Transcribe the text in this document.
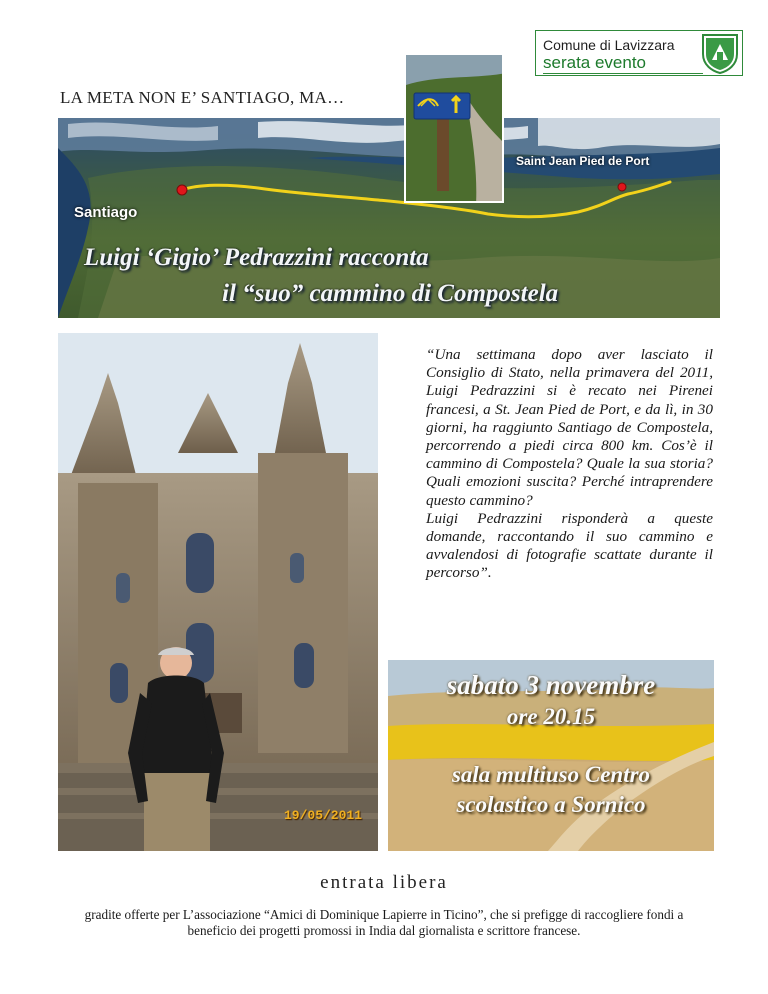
Comune di Lavizzara
serata evento
LA META NON E’ SANTIAGO, MA…
Santiago
Saint Jean Pied de Port
Luigi ‘Gigio’ Pedrazzini racconta
il “suo” cammino di Compostela
19/05/2011

“Una settimana dopo aver lasciato il Consiglio di Stato, nella primavera del 2011, Luigi Pedrazzini si è recato nei Pirenei francesi, a St. Jean Pied de Port, e da lì, in 30 giorni, ha raggiunto Santiago de Compostela, percorrendo a piedi circa 800 km. Cos’è il cammino di Compostela? Quale la sua storia? Quali emozioni suscita? Perché intraprendere questo cammino?

Luigi Pedrazzini risponderà a queste domande, raccontando il suo cammino e avvalendosi di fotografie scattate durante il percorso”.

sabato 3 novembre
ore 20.15
sala multiuso Centro
scolastico a Sornico
entrata libera
gradite offerte per L’associazione “Amici di Dominique Lapierre in Ticino”, che si prefigge di raccogliere fondi a beneficio dei progetti promossi in India dal giornalista e scrittore francese.
